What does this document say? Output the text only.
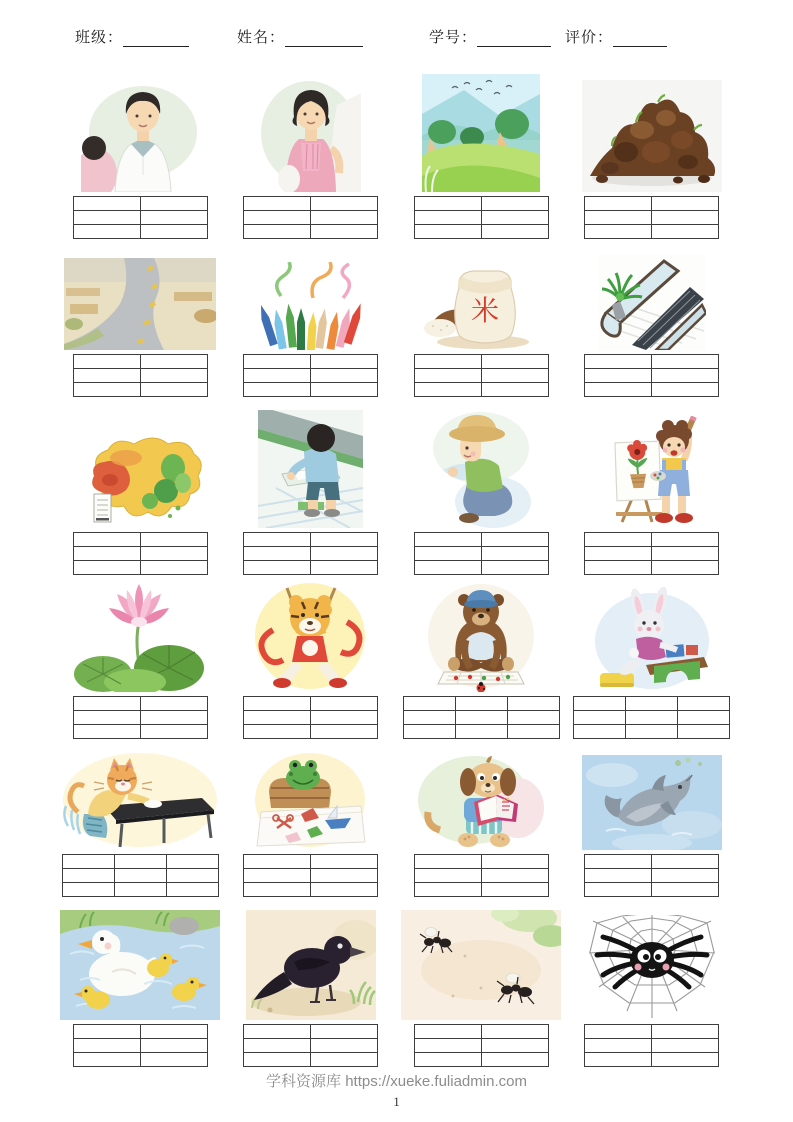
班级：	姓名：	学号：	评价：

米

学科资源库 https://xueke.fuliadmin.com
1
